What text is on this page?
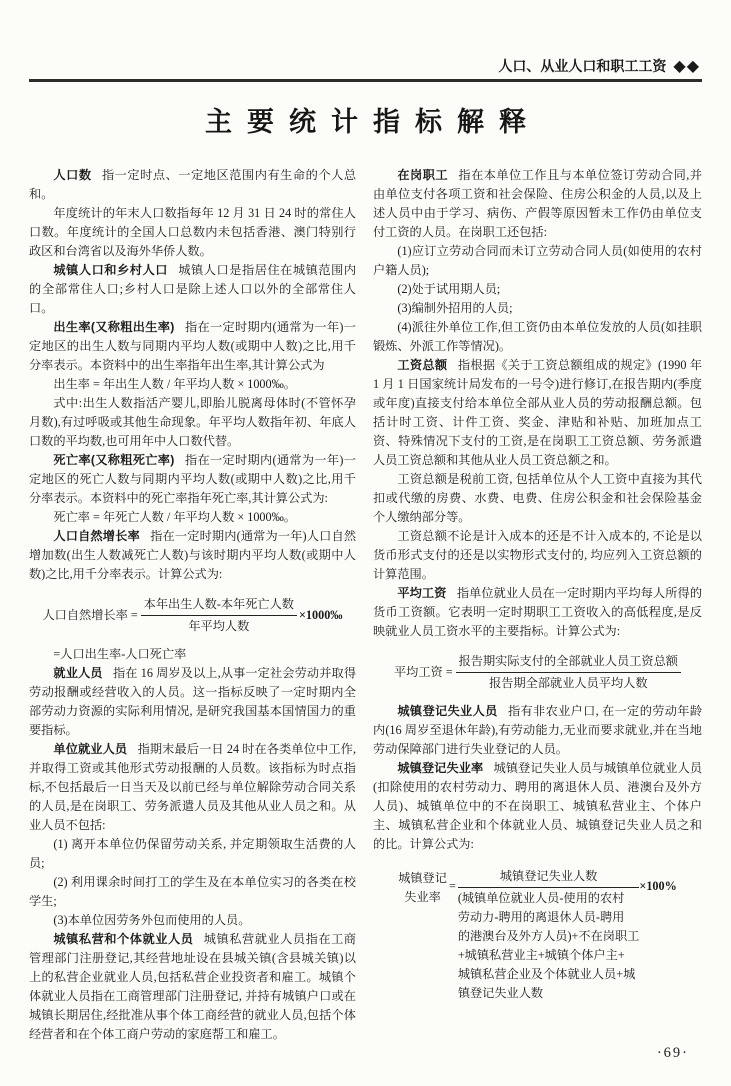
人口、从业人口和职工工资 ◆◆
主要统计指标解释

人口数 指一定时点、一定地区范围内有生命的个人总和。

年度统计的年末人口数指每年 12 月 31 日 24 时的常住人口数。年度统计的全国人口总数内未包括香港、澳门特别行政区和台湾省以及海外华侨人数。

城镇人口和乡村人口 城镇人口是指居住在城镇范围内的全部常住人口;乡村人口是除上述人口以外的全部常住人口。

出生率(又称粗出生率) 指在一定时期内(通常为一年)一定地区的出生人数与同期内平均人数(或期中人数)之比,用千分率表示。本资料中的出生率指年出生率,其计算公式为

出生率 = 年出生人数 / 年平均人数 × 1000‰。

式中:出生人数指活产婴儿,即胎儿脱离母体时(不管怀孕月数),有过呼吸或其他生命现象。年平均人数指年初、年底人口数的平均数,也可用年中人口数代替。

死亡率(又称粗死亡率) 指在一定时期内(通常为一年)一定地区的死亡人数与同期内平均人数(或期中人数)之比,用千分率表示。本资料中的死亡率指年死亡率,其计算公式为:

死亡率 = 年死亡人数 / 年平均人数 × 1000‰。

人口自然增长率 指在一定时期内(通常为一年)人口自然增加数(出生人数减死亡人数)与该时期内平均人数(或期中人数)之比,用千分率表示。计算公式为:

人口自然增长率 = $\frac{\text{本年出生人数-本年死亡人数}}{\text{年平均人数}}$ ×1000‰

=人口出生率-人口死亡率

就业人员 指在 16 周岁及以上,从事一定社会劳动并取得劳动报酬或经营收入的人员。这一指标反映了一定时期内全部劳动力资源的实际利用情况, 是研究我国基本国情国力的重要指标。

单位就业人员 指期末最后一日 24 时在各类单位中工作,并取得工资或其他形式劳动报酬的人员数。该指标为时点指标,不包括最后一日当天及以前已经与单位解除劳动合同关系的人员,是在岗职工、劳务派遣人员及其他从业人员之和。从业人员不包括:

(1) 离开本单位仍保留劳动关系, 并定期领取生活费的人员;

(2) 利用课余时间打工的学生及在本单位实习的各类在校学生;

(3)本单位因劳务外包而使用的人员。

城镇私营和个体就业人员 城镇私营就业人员指在工商管理部门注册登记,其经营地址设在县城关镇(含县城关镇)以上的私营企业就业人员,包括私营企业投资者和雇工。城镇个体就业人员指在工商管理部门注册登记, 并持有城镇户口或在城镇长期居住,经批准从事个体工商经营的就业人员,包括个体经营者和在个体工商户劳动的家庭帮工和雇工。

在岗职工 指在本单位工作且与本单位签订劳动合同,并由单位支付各项工资和社会保险、住房公积金的人员,以及上述人员中由于学习、病伤、产假等原因暂未工作仍由单位支付工资的人员。在岗职工还包括:

(1)应订立劳动合同而未订立劳动合同人员(如使用的农村户籍人员);

(2)处于试用期人员;

(3)编制外招用的人员;

(4)派往外单位工作,但工资仍由本单位发放的人员(如挂职锻炼、外派工作等情况)。

工资总额 指根据《关于工资总额组成的规定》(1990 年 1 月 1 日国家统计局发布的一号令)进行修订,在报告期内(季度或年度)直接支付给本单位全部从业人员的劳动报酬总额。包括计时工资、计件工资、奖金、津贴和补贴、加班加点工资、特殊情况下支付的工资,是在岗职工工资总额、劳务派遣人员工资总额和其他从业人员工资总额之和。

工资总额是税前工资, 包括单位从个人工资中直接为其代扣或代缴的房费、水费、电费、住房公积金和社会保险基金个人缴纳部分等。

工资总额不论是计入成本的还是不计入成本的, 不论是以货币形式支付的还是以实物形式支付的, 均应列入工资总额的计算范围。

平均工资 指单位就业人员在一定时期内平均每人所得的货币工资额。它表明一定时期职工工资收入的高低程度,是反映就业人员工资水平的主要指标。计算公式为:

平均工资 = $\frac{\text{报告期实际支付的全部就业人员工资总额}}{\text{报告期全部就业人员平均人数}}$

城镇登记失业人员 指有非农业户口, 在一定的劳动年龄内(16 周岁至退休年龄),有劳动能力,无业而要求就业,并在当地劳动保障部门进行失业登记的人员。

城镇登记失业率 城镇登记失业人员与城镇单位就业人员(扣除使用的农村劳动力、聘用的离退休人员、港澳台及外方人员)、城镇单位中的不在岗职工、城镇私营业主、个体户主、城镇私营企业和个体就业人员、城镇登记失业人员之和的比。计算公式为:

城镇登记
失业率
=
城镇登记失业人数
(城镇单位就业人员-使用的农村
劳动力-聘用的离退休人员-聘用
的港澳台及外方人员)+不在岗职工
+城镇私营业主+城镇个体户主+
城镇私营企业及个体就业人员+城
镇登记失业人数
×100%
·69·
